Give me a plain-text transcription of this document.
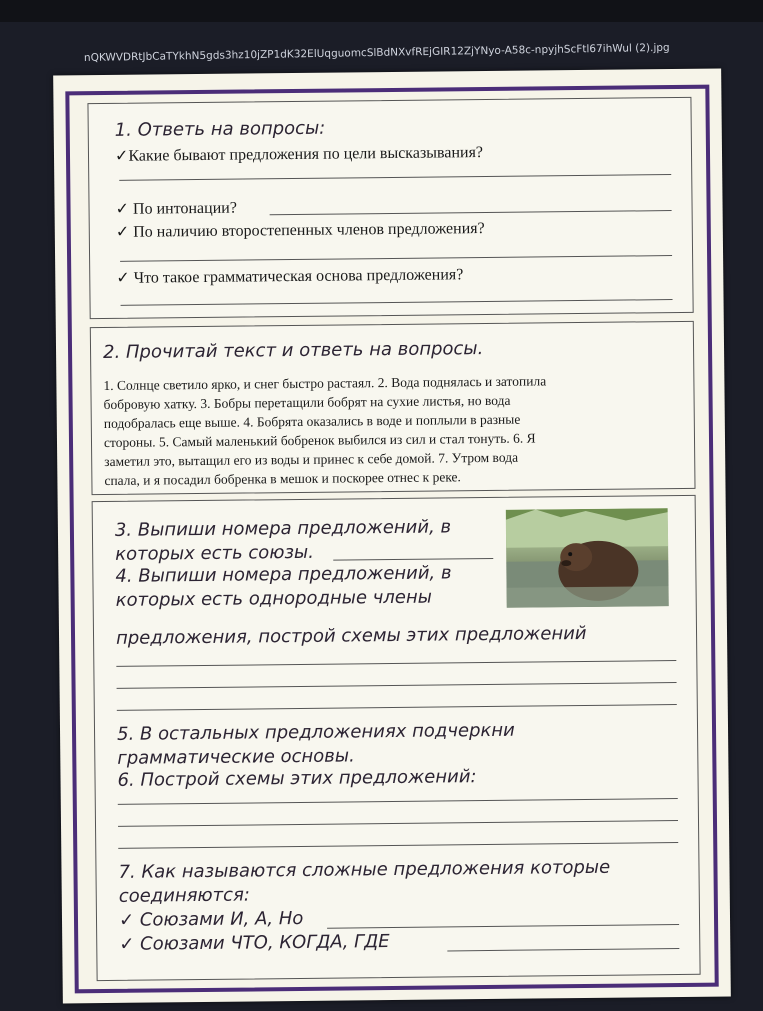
nQKWVDRtJbCaTYkhN5gds3hz10jZP1dK32ElUqguomcSlBdNXvfREjGIR12ZjYNyo-A58c-npyjhScFtl67ihWul (2).jpg
1. Ответь на вопросы:
✓Какие бывают предложения по цели высказывания?
✓ По интонации?
✓ По наличию второстепенных членов предложения?
✓ Что такое грамматическая основа предложения?
2. Прочитай текст и ответь на вопросы.
1. Солнце светило ярко, и снег быстро растаял. 2. Вода поднялась и затопила
бобровую хатку. 3. Бобры перетащили бобрят на сухие листья, но вода
подобралась еще выше. 4. Бобрята оказались в воде и поплыли в разные
стороны. 5. Самый маленький бобренок выбился из сил и стал тонуть. 6. Я
заметил это, вытащил его из воды и принес к себе домой. 7. Утром вода
спала, и я посадил бобренка в мешок и поскорее отнес к реке.
3. Выпиши номера предложений, в
которых есть союзы.
4. Выпиши номера предложений, в
которых есть однородные члены
предложения, построй схемы этих предложений
5. В остальных предложениях подчеркни
грамматические основы.
6. Построй схемы этих предложений:
7. Как называются сложные предложения которые
соединяются:
✓ Союзами И, А, Но
✓ Союзами ЧТО, КОГДА, ГДЕ
